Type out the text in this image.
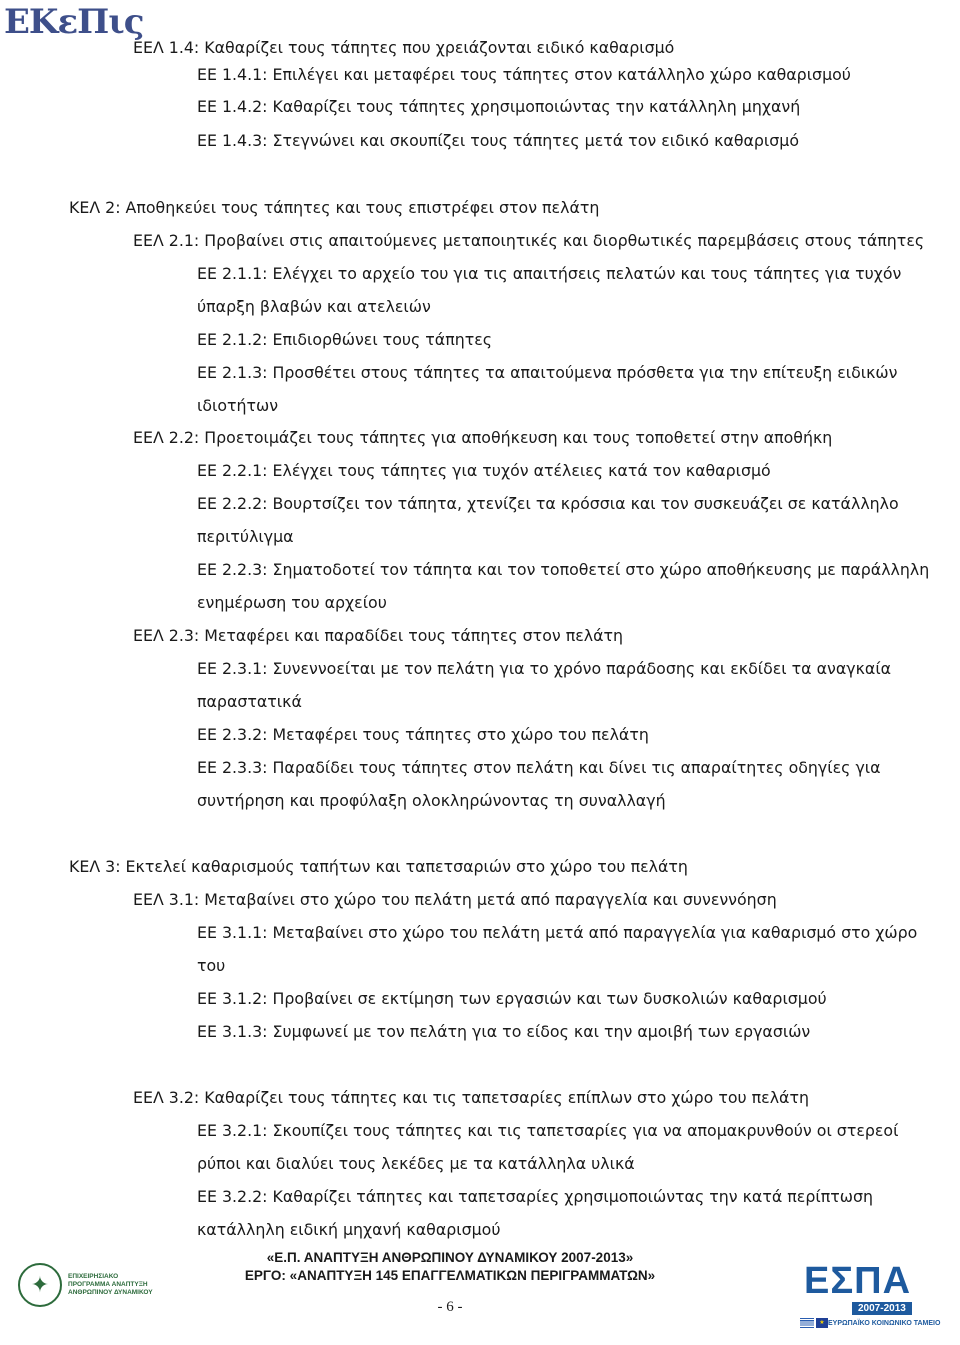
ΕΚεΠις
ΕΕΛ 1.4: Καθαρίζει τους τάπητες που χρειάζονται ειδικό καθαρισμό
ΕΕ 1.4.1: Επιλέγει και μεταφέρει τους τάπητες στον κατάλληλο χώρο καθαρισμού
ΕΕ 1.4.2: Καθαρίζει τους τάπητες χρησιμοποιώντας την κατάλληλη μηχανή
ΕΕ 1.4.3: Στεγνώνει και σκουπίζει τους τάπητες μετά τον ειδικό καθαρισμό
ΚΕΛ 2: Αποθηκεύει τους τάπητες και τους επιστρέφει στον πελάτη
ΕΕΛ 2.1: Προβαίνει στις απαιτούμενες μεταποιητικές και διορθωτικές παρεμβάσεις στους τάπητες
ΕΕ 2.1.1: Ελέγχει το αρχείο του για τις απαιτήσεις πελατών και τους τάπητες για τυχόν
ύπαρξη βλαβών και ατελειών
ΕΕ 2.1.2: Επιδιορθώνει τους τάπητες
ΕΕ 2.1.3: Προσθέτει στους τάπητες τα απαιτούμενα πρόσθετα για την επίτευξη ειδικών
ιδιοτήτων
ΕΕΛ 2.2: Προετοιμάζει τους τάπητες για αποθήκευση και τους τοποθετεί στην αποθήκη
ΕΕ 2.2.1: Ελέγχει τους τάπητες για τυχόν ατέλειες κατά τον καθαρισμό
ΕΕ 2.2.2: Βουρτσίζει τον τάπητα, χτενίζει τα κρόσσια και τον συσκευάζει σε κατάλληλο
περιτύλιγμα
ΕΕ 2.2.3: Σηματοδοτεί τον τάπητα και τον τοποθετεί στο χώρο αποθήκευσης με παράλληλη
ενημέρωση του αρχείου
ΕΕΛ 2.3: Μεταφέρει και παραδίδει τους τάπητες στον πελάτη
ΕΕ 2.3.1: Συνεννοείται με τον πελάτη για το χρόνο παράδοσης και εκδίδει τα αναγκαία
παραστατικά
ΕΕ 2.3.2: Μεταφέρει τους τάπητες στο χώρο του πελάτη
ΕΕ 2.3.3: Παραδίδει τους τάπητες στον πελάτη και δίνει τις απαραίτητες οδηγίες για
συντήρηση και προφύλαξη ολοκληρώνοντας τη συναλλαγή
ΚΕΛ 3: Εκτελεί καθαρισμούς ταπήτων και ταπετσαριών στο χώρο του πελάτη
ΕΕΛ 3.1: Μεταβαίνει στο χώρο του πελάτη μετά από παραγγελία και συνεννόηση
ΕΕ 3.1.1: Μεταβαίνει στο χώρο του πελάτη μετά από παραγγελία για καθαρισμό στο χώρο
του
ΕΕ 3.1.2: Προβαίνει σε εκτίμηση των εργασιών και των δυσκολιών καθαρισμού
ΕΕ 3.1.3: Συμφωνεί με τον πελάτη για το είδος και την αμοιβή των εργασιών
ΕΕΛ 3.2: Καθαρίζει τους τάπητες και τις ταπετσαρίες επίπλων στο χώρο του πελάτη
ΕΕ 3.2.1: Σκουπίζει τους τάπητες και τις ταπετσαρίες για να απομακρυνθούν οι στερεοί
ρύποι και διαλύει τους λεκέδες με τα κατάλληλα υλικά
ΕΕ 3.2.2: Καθαρίζει τάπητες και ταπετσαρίες χρησιμοποιώντας την κατά περίπτωση
κατάλληλη ειδική μηχανή καθαρισμού
✦	ΕΠΙΧΕΙΡΗΣΙΑΚΟ ΠΡΟΓΡΑΜΜΑ ΑΝΑΠΤΥΞΗ ΑΝΘΡΩΠΙΝΟΥ ΔΥΝΑΜΙΚΟΥ
«Ε.Π. ΑΝΑΠΤΥΞΗ ΑΝΘΡΩΠΙΝΟΥ ΔΥΝΑΜΙΚΟΥ 2007-2013»
ΕΡΓΟ: «ΑΝΑΠΤΥΞΗ 145 ΕΠΑΓΓΕΛΜΑΤΙΚΩΝ ΠΕΡΙΓΡΑΜΜΑΤΩΝ»
- 6 -
ΕΣΠΑ
2007-2013
★ ΕΥΡΩΠΑΪΚΟ ΚΟΙΝΩΝΙΚΟ ΤΑΜΕΙΟ
